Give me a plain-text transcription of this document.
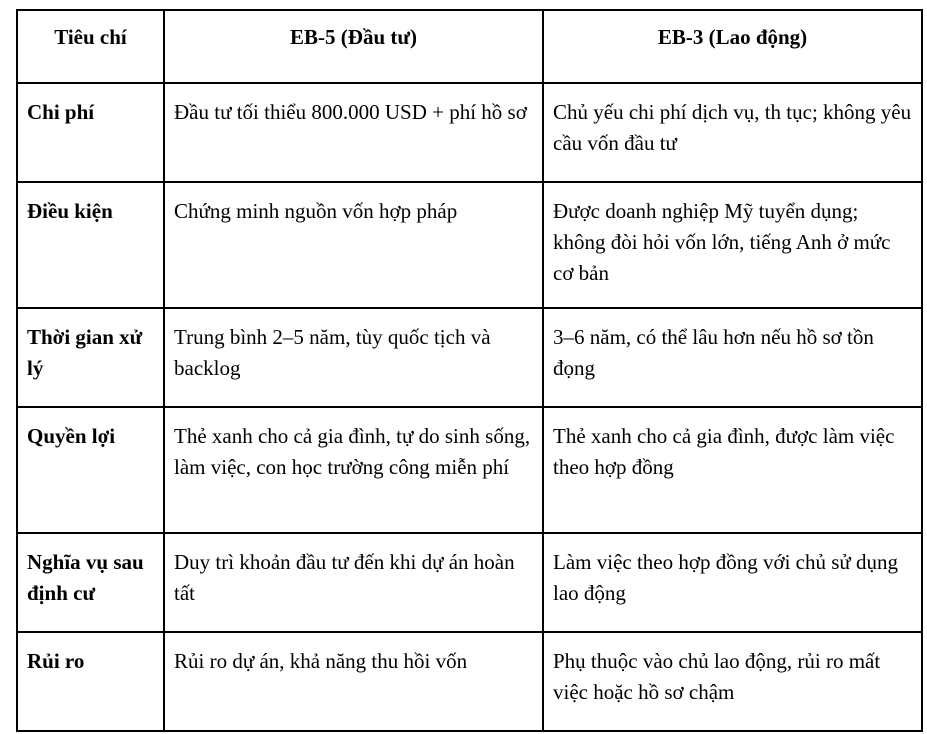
Tiêu chí	EB-5 (Đầu tư)	EB-3 (Lao động)
Chi phí	Đầu tư tối thiểu 800.000 USD + phí hồ sơ	Chủ yếu chi phí dịch vụ, th tục; không yêu cầu vốn đầu tư
Điều kiện	Chứng minh nguồn vốn hợp pháp	Được doanh nghiệp Mỹ tuyển dụng; không đòi hỏi vốn lớn, tiếng Anh ở mức cơ bản
Thời gian xử lý	Trung bình 2–5 năm, tùy quốc tịch và backlog	3–6 năm, có thể lâu hơn nếu hồ sơ tồn đọng
Quyền lợi	Thẻ xanh cho cả gia đình, tự do sinh sống, làm việc, con học trường công miễn phí	Thẻ xanh cho cả gia đình, được làm việc theo hợp đồng
Nghĩa vụ sau định cư	Duy trì khoản đầu tư đến khi dự án hoàn tất	Làm việc theo hợp đồng với chủ sử dụng lao động
Rủi ro	Rủi ro dự án, khả năng thu hồi vốn	Phụ thuộc vào chủ lao động, rủi ro mất việc hoặc hồ sơ chậm
